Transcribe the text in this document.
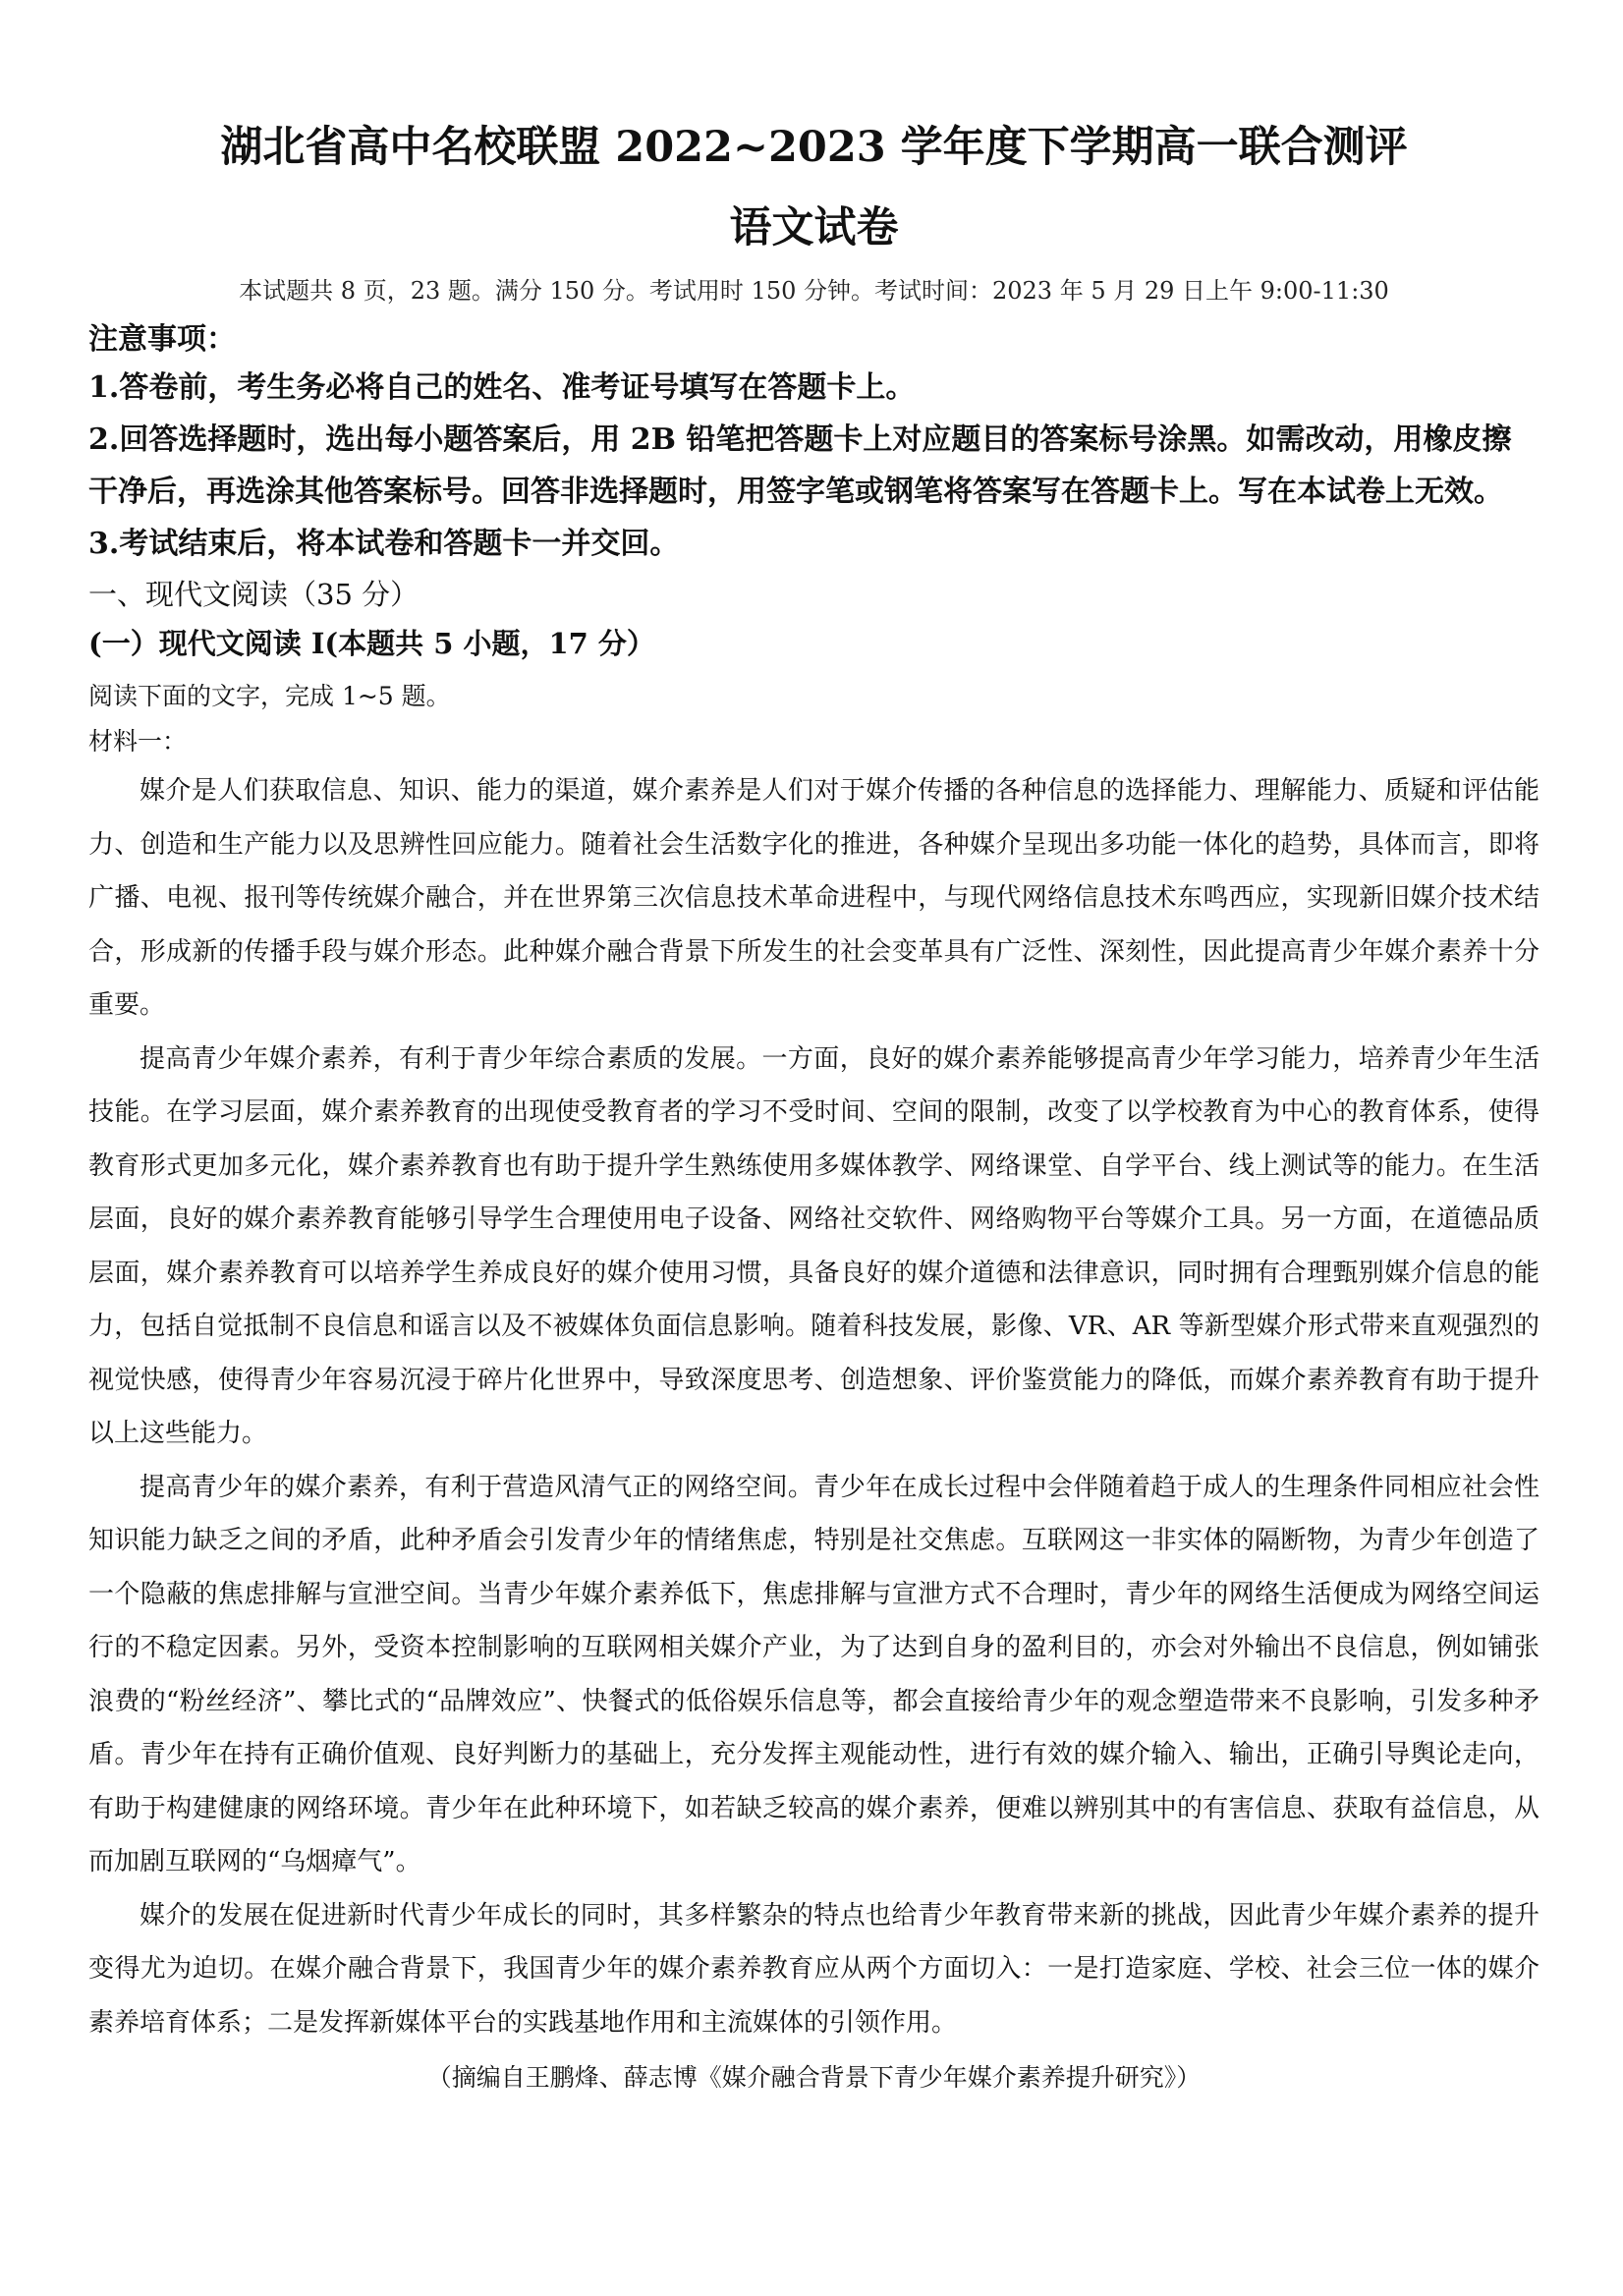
湖北省高中名校联盟 2022~2023 学年度下学期高一联合测评
语文试卷

本试题共 8 页，23 题。满分 150 分。考试用时 150 分钟。考试时间：2023 年 5 月 29 日上午 9:00-11:30

注意事项：

1.答卷前，考生务必将自己的姓名、准考证号填写在答题卡上。

2.回答选择题时，选出每小题答案后，用 2B 铅笔把答题卡上对应题目的答案标号涂黑。如需改动，用橡皮擦干净后，再选涂其他答案标号。回答非选择题时，用签字笔或钢笔将答案写在答题卡上。写在本试卷上无效。

3.考试结束后，将本试卷和答题卡一并交回。

一、现代文阅读（35 分）

(一）现代文阅读 I(本题共 5 小题，17 分）

阅读下面的文字，完成 1~5 题。

材料一：

媒介是人们获取信息、知识、能力的渠道，媒介素养是人们对于媒介传播的各种信息的选择能力、理解能力、质疑和评估能力、创造和生产能力以及思辨性回应能力。随着社会生活数字化的推进，各种媒介呈现出多功能一体化的趋势，具体而言，即将广播、电视、报刊等传统媒介融合，并在世界第三次信息技术革命进程中，与现代网络信息技术东鸣西应，实现新旧媒介技术结合，形成新的传播手段与媒介形态。此种媒介融合背景下所发生的社会变革具有广泛性、深刻性，因此提高青少年媒介素养十分重要。

提高青少年媒介素养，有利于青少年综合素质的发展。一方面，良好的媒介素养能够提高青少年学习能力，培养青少年生活技能。在学习层面，媒介素养教育的出现使受教育者的学习不受时间、空间的限制，改变了以学校教育为中心的教育体系，使得教育形式更加多元化，媒介素养教育也有助于提升学生熟练使用多媒体教学、网络课堂、自学平台、线上测试等的能力。在生活层面，良好的媒介素养教育能够引导学生合理使用电子设备、网络社交软件、网络购物平台等媒介工具。另一方面，在道德品质层面，媒介素养教育可以培养学生养成良好的媒介使用习惯，具备良好的媒介道德和法律意识，同时拥有合理甄别媒介信息的能力，包括自觉抵制不良信息和谣言以及不被媒体负面信息影响。随着科技发展，影像、VR、AR 等新型媒介形式带来直观强烈的视觉快感，使得青少年容易沉浸于碎片化世界中，导致深度思考、创造想象、评价鉴赏能力的降低，而媒介素养教育有助于提升以上这些能力。

提高青少年的媒介素养，有利于营造风清气正的网络空间。青少年在成长过程中会伴随着趋于成人的生理条件同相应社会性知识能力缺乏之间的矛盾，此种矛盾会引发青少年的情绪焦虑，特别是社交焦虑。互联网这一非实体的隔断物，为青少年创造了一个隐蔽的焦虑排解与宣泄空间。当青少年媒介素养低下，焦虑排解与宣泄方式不合理时，青少年的网络生活便成为网络空间运行的不稳定因素。另外，受资本控制影响的互联网相关媒介产业，为了达到自身的盈利目的，亦会对外输出不良信息，例如铺张浪费的“粉丝经济”、攀比式的“品牌效应”、快餐式的低俗娱乐信息等，都会直接给青少年的观念塑造带来不良影响，引发多种矛盾。青少年在持有正确价值观、良好判断力的基础上，充分发挥主观能动性，进行有效的媒介输入、输出，正确引导舆论走向，有助于构建健康的网络环境。青少年在此种环境下，如若缺乏较高的媒介素养，便难以辨别其中的有害信息、获取有益信息，从而加剧互联网的“乌烟瘴气”。

媒介的发展在促进新时代青少年成长的同时，其多样繁杂的特点也给青少年教育带来新的挑战，因此青少年媒介素养的提升变得尤为迫切。在媒介融合背景下，我国青少年的媒介素养教育应从两个方面切入：一是打造家庭、学校、社会三位一体的媒介素养培育体系；二是发挥新媒体平台的实践基地作用和主流媒体的引领作用。

（摘编自王鹏烽、薛志博《媒介融合背景下青少年媒介素养提升研究》）
